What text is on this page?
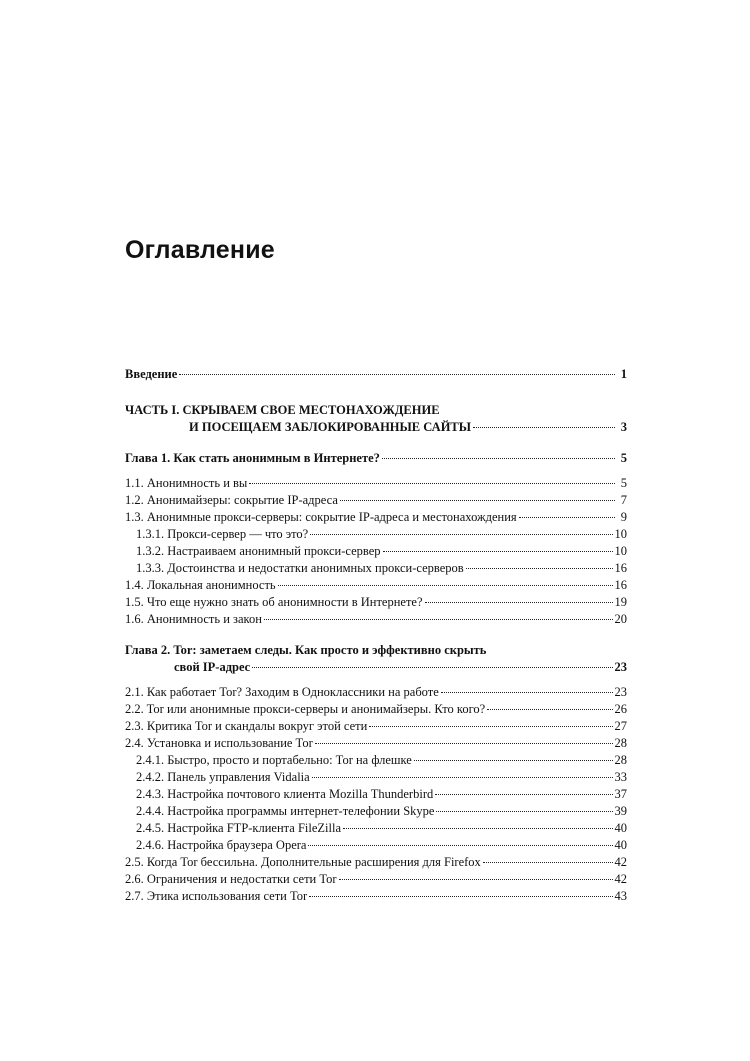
Оглавление
Введение	1
ЧАСТЬ I. СКРЫВАЕМ СВОЕ МЕСТОНАХОЖДЕНИЕ
И ПОСЕЩАЕМ ЗАБЛОКИРОВАННЫЕ САЙТЫ	3
Глава 1. Как стать анонимным в Интернете?	5
1.1. Анонимность и вы	5
1.2. Анонимайзеры: сокрытие IP-адреса	7
1.3. Анонимные прокси-серверы: сокрытие IP-адреса и местонахождения	9
1.3.1. Прокси-сервер — что это?	10
1.3.2. Настраиваем анонимный прокси-сервер	10
1.3.3. Достоинства и недостатки анонимных прокси-серверов	16
1.4. Локальная анонимность	16
1.5. Что еще нужно знать об анонимности в Интернете?	19
1.6. Анонимность и закон	20
Глава 2. Tor: заметаем следы. Как просто и эффективно скрыть
свой IP-адрес	23
2.1. Как работает Tor? Заходим в Одноклассники на работе	23
2.2. Tor или анонимные прокси-серверы и анонимайзеры. Кто кого?	26
2.3. Критика Tor и скандалы вокруг этой сети	27
2.4. Установка и использование Tor	28
2.4.1. Быстро, просто и портабельно: Tor на флешке	28
2.4.2. Панель управления Vidalia	33
2.4.3. Настройка почтового клиента Mozilla Thunderbird	37
2.4.4. Настройка программы интернет-телефонии Skype	39
2.4.5. Настройка FTP-клиента FileZilla	40
2.4.6. Настройка браузера Opera	40
2.5. Когда Tor бессильна. Дополнительные расширения для Firefox	42
2.6. Ограничения и недостатки сети Tor	42
2.7. Этика использования сети Tor	43
